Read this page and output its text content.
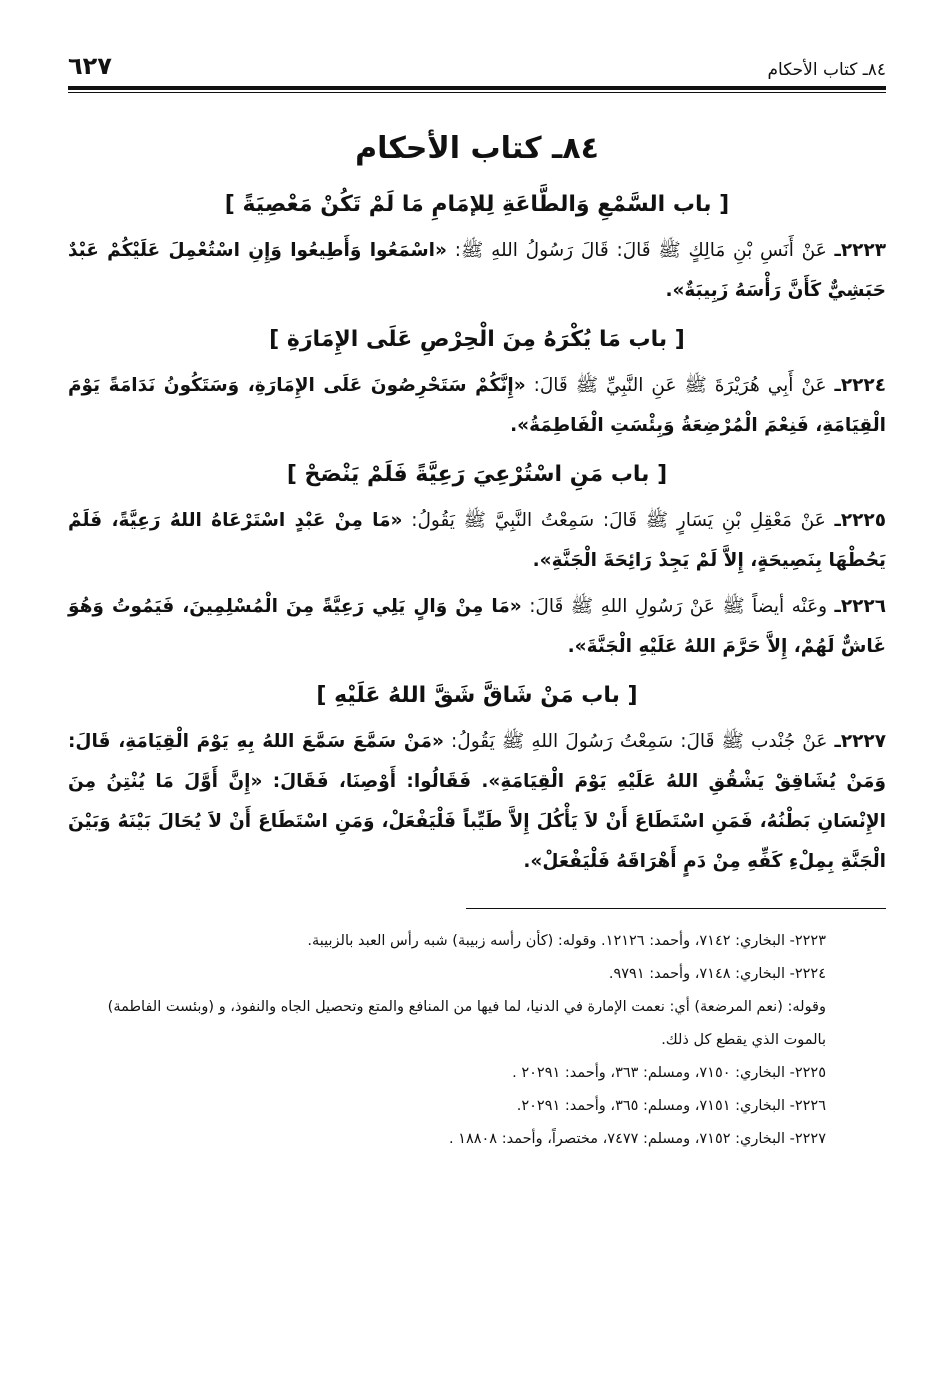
٨٤ـ كتاب الأحكام
٦٢٧
٨٤ـ كتاب الأحكام
[ باب السَّمْعِ وَالطَّاعَةِ لِلإمَامِ مَا لَمْ تَكُنْ مَعْصِيَةً ]

٢٢٢٣ـ عَنْ أَنَسِ بْنِ مَالِكٍ ﷺ قَالَ: قَالَ رَسُولُ اللهِ ﷺ: «اسْمَعُوا وَأَطِيعُوا وَإِنِ اسْتُعْمِلَ عَلَيْكُمْ عَبْدٌ حَبَشِيٌّ كَأَنَّ رَأْسَهُ زَبِيبَةٌ».

[ باب مَا يُكْرَهُ مِنَ الْحِرْصِ عَلَى الإِمَارَةِ ]

٢٢٢٤ـ عَنْ أَبِي هُرَيْرَةَ ﷺ عَنِ النَّبِيِّ ﷺ قَالَ: «إِنَّكُمْ سَتَحْرِصُونَ عَلَى الإِمَارَةِ، وَسَتَكُونُ نَدَامَةً يَوْمَ الْقِيَامَةِ، فَنِعْمَ الْمُرْضِعَةُ وَبِئْسَتِ الْفَاطِمَةُ».

[ باب مَنِ اسْتُرْعِيَ رَعِيَّةً فَلَمْ يَنْصَحْ ]

٢٢٢٥ـ عَنْ مَعْقِلِ بْنِ يَسَارٍ ﷺ قَالَ: سَمِعْتُ النَّبِيَّ ﷺ يَقُولُ: «مَا مِنْ عَبْدٍ اسْتَرْعَاهُ اللهُ رَعِيَّةً، فَلَمْ يَحُطْهَا بِنَصِيحَةٍ، إِلاَّ لَمْ يَجِدْ رَائِحَةَ الْجَنَّةِ».

٢٢٢٦ـ وعَنْه أيضاً ﷺ عَنْ رَسُولِ اللهِ ﷺ قَالَ: «مَا مِنْ وَالٍ يَلِي رَعِيَّةً مِنَ الْمُسْلِمِينَ، فَيَمُوتُ وَهُوَ غَاشٌّ لَهُمْ، إِلاَّ حَرَّمَ اللهُ عَلَيْهِ الْجَنَّةَ».

[ باب مَنْ شَاقَّ شَقَّ اللهُ عَلَيْهِ ]

٢٢٢٧ـ عَنْ جُنْدب ﷺ قَالَ: سَمِعْتُ رَسُولَ اللهِ ﷺ يَقُولُ: «مَنْ سَمَّعَ سَمَّعَ اللهُ بِهِ يَوْمَ الْقِيَامَةِ، قَالَ: وَمَنْ يُشَاقِقْ يَشْقُقِ اللهُ عَلَيْهِ يَوْمَ الْقِيَامَةِ». فَقَالُوا: أَوْصِنَا، فَقَالَ: «إِنَّ أَوَّلَ مَا يُنْتِنُ مِنَ الإِنْسَانِ بَطْنُهُ، فَمَنِ اسْتَطَاعَ أَنْ لاَ يَأْكُلَ إِلاَّ طَيِّباً فَلْيَفْعَلْ، وَمَنِ اسْتَطَاعَ أَنْ لاَ يُحَالَ بَيْنَهُ وَبَيْنَ الْجَنَّةِ بِمِلْءِ كَفِّهِ مِنْ دَمٍ أَهْرَاقَهُ فَلْيَفْعَلْ».

٢٢٢٣- البخاري: ٧١٤٢، وأحمد: ١٢١٢٦. وقوله: (كأن رأسه زبيبة) شبه رأس العبد بالزبيبة.

٢٢٢٤- البخاري: ٧١٤٨، وأحمد: ٩٧٩١.

وقوله: (نعم المرضعة) أي: نعمت الإمارة في الدنيا، لما فيها من المنافع والمتع وتحصيل الجاه والنفوذ، و (وبئست الفاطمة) بالموت الذي يقطع كل ذلك.

٢٢٢٥- البخاري: ٧١٥٠، ومسلم: ٣٦٣، وأحمد: ٢٠٢٩١ .

٢٢٢٦- البخاري: ٧١٥١، ومسلم: ٣٦٥، وأحمد: ٢٠٢٩١.

٢٢٢٧- البخاري: ٧١٥٢، ومسلم: ٧٤٧٧، مختصراً، وأحمد: ١٨٨٠٨ .
